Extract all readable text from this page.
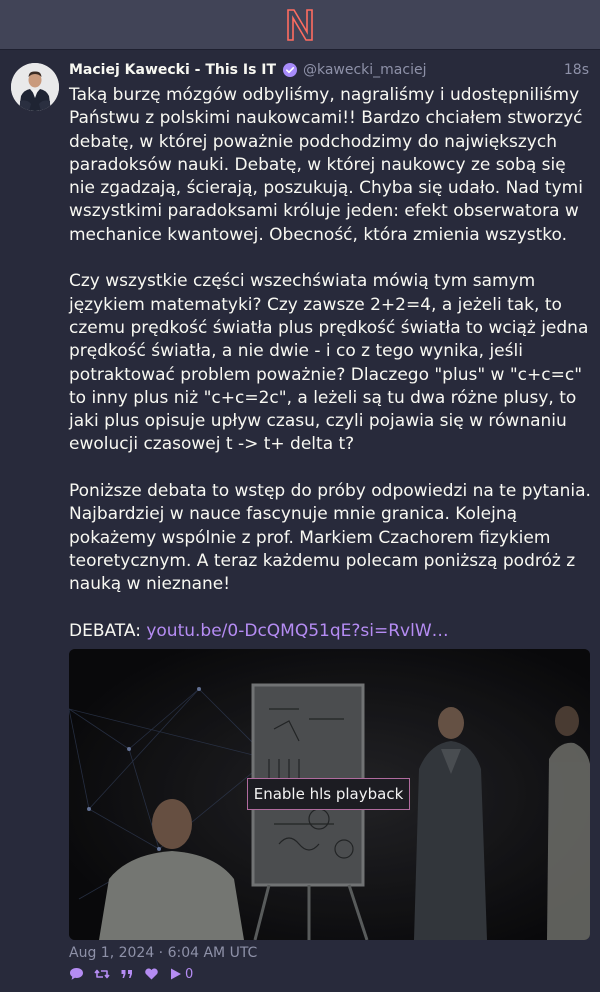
Maciej Kawecki - This Is IT @kawecki_maciej	18s
Taką burzę mózgów odbyliśmy, nagraliśmy i udostępniliśmy Państwu z polskimi naukowcami!! Bardzo chciałem stworzyć debatę, w której poważnie podchodzimy do największych paradoksów nauki. Debatę, w której naukowcy ze sobą się nie zgadzają, ścierają, poszukują. Chyba się udało. Nad tymi wszystkimi paradoksami króluje jeden: efekt obserwatora w mechanice kwantowej. Obecność, która zmienia wszystko.

Czy wszystkie części wszechświata mówią tym samym językiem matematyki? Czy zawsze 2+2=4, a jeżeli tak, to czemu prędkość światła plus prędkość światła to wciąż jedna prędkość światła, a nie dwie - i co z tego wynika, jeśli potraktować problem poważnie? Dlaczego "plus" w "c+c=c" to inny plus niż "c+c=2c", a leżeli są tu dwa różne plusy, to jaki plus opisuje upływ czasu, czyli pojawia się w równaniu ewolucji czasowej t -> t+ delta t?

Poniższe debata to wstęp do próby odpowiedzi na te pytania. Najbardziej w nauce fascynuje mnie granica. Kolejną pokażemy wspólnie z prof. Markiem Czachorem fizykiem teoretycznym. A teraz każdemu polecam poniższą podróż z nauką w nieznane!

DEBATA: youtu.be/0-DcQMQ51qE?si=RvlW…
Enable hls playback
Aug 1, 2024 · 6:04 AM UTC
0
